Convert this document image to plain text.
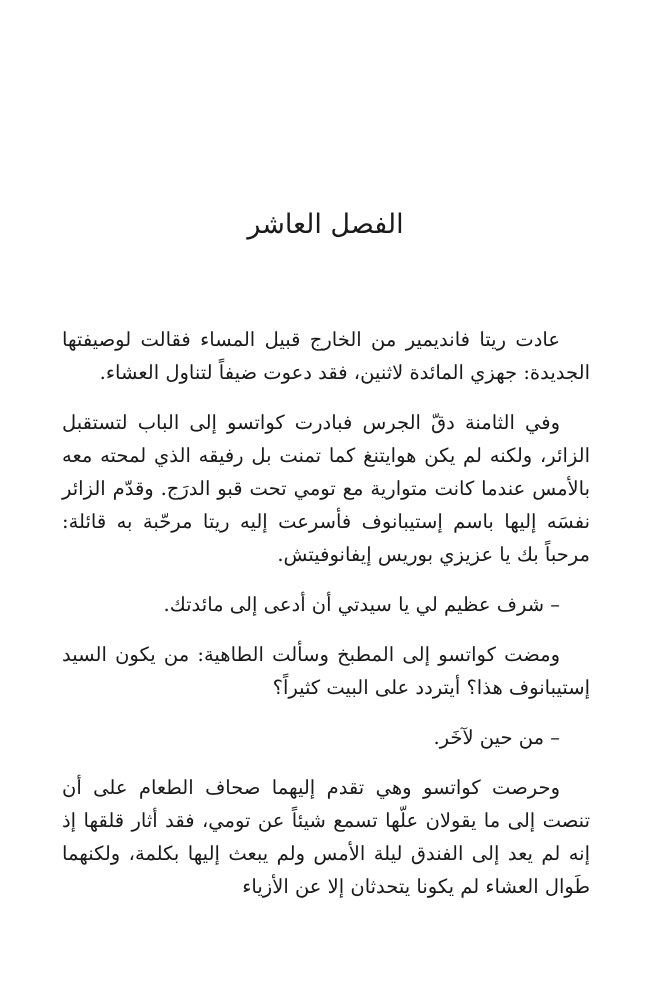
الفصل العاشر

عادت ريتا فانديمير من الخارج قبيل المساء فقالت لوصيفتها الجديدة: جهزي المائدة لاثنين، فقد دعوت ضيفاً لتناول العشاء.

وفي الثامنة دقّ الجرس فبادرت كواتسو إلى الباب لتستقبل الزائر، ولكنه لم يكن هوايتنغ كما تمنت بل رفيقه الذي لمحته معه بالأمس عندما كانت متوارية مع تومي تحت قبو الدرَج. وقدّم الزائر نفسَه إليها باسم إستيبانوف فأسرعت إليه ريتا مرحّبة به قائلة: مرحباً بك يا عزيزي بوريس إيفانوفيتش.

– شرف عظيم لي يا سيدتي أن أدعى إلى مائدتك.

ومضت كواتسو إلى المطبخ وسألت الطاهية: من يكون السيد إستيبانوف هذا؟ أيتردد على البيت كثيراً؟

– من حين لآخَر.

وحرصت كواتسو وهي تقدم إليهما صحاف الطعام على أن تنصت إلى ما يقولان علّها تسمع شيئاً عن تومي، فقد أثار قلقها إذ إنه لم يعد إلى الفندق ليلة الأمس ولم يبعث إليها بكلمة، ولكنهما طَوال العشاء لم يكونا يتحدثان إلا عن الأزياء
